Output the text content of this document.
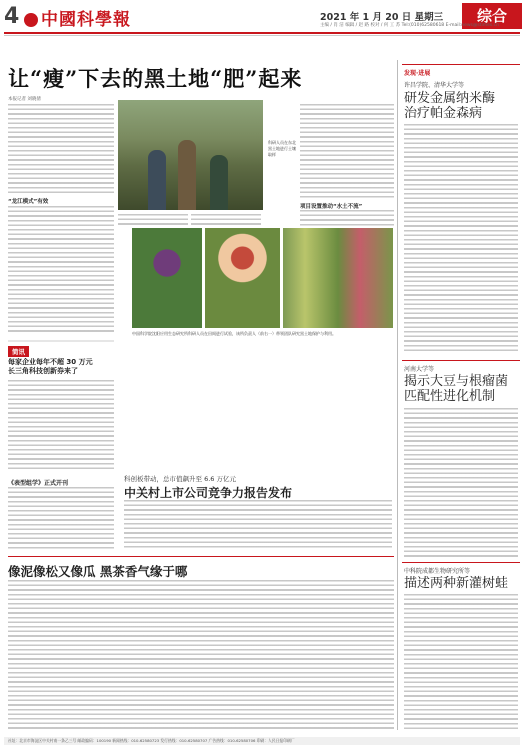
4	中國科學報	2021 年 1 月 20 日 星期三	综合
主编 / 肖 洁 编辑 / 赵 路 校对 / 何 工 苏 Tel:(010)62580618 E-mail:news@stimes.cn
让“瘦”下去的黑土地“肥”起来
本报记者 刘晓倩
“龙江模式”有效
科研人员在东北黑土地进行土壤取样
项目设置推动“水土不流”
中国科学院沈阳应用生态研究所科研人员在田间进行试验，该所负责人（前右一）带领团队研究黑土地保护与利用。
简讯
每家企业每年不超 30 万元
长三角科技创新券来了
《表型组学》正式开刊
科创板带动，总市值飙升至 6.6 万亿元
中关村上市公司竞争力报告发布
像泥像松又像瓜 黑茶香气缘于哪
发现·进展
许昌学院、清华大学等
研发金属纳米酶
治疗帕金森病
河南大学等
揭示大豆与根瘤菌
匹配性进化机制
中科院成都生物研究所等
描述两种新灌树蛙
社址：北京市海淀区中关村南一条乙三号 邮政编码：100190 新闻热线：010-62580723 发行热线：010-62580707 广告热线：010-62580706 印刷：人民日报印刷厂
